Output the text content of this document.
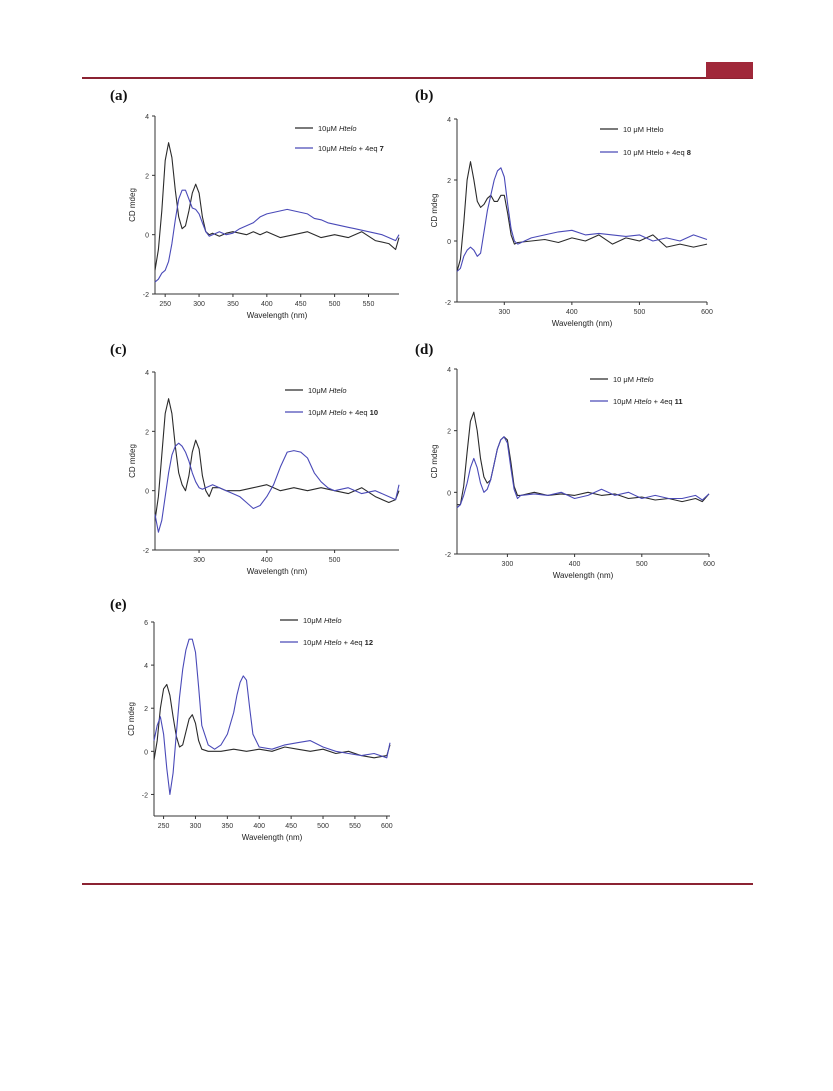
(a)
-2
0
2
4
250	300	350	400	450	500	550
Wavelength (nm)
CD mdeg
10μM Htelo
10μM Htelo + 4eq 7
(b)
-2
0
2
4
300	400	500	600
Wavelength (nm)
CD mdeg
10 μM Htelo
10 μM Htelo + 4eq 8
(c)
-2
0
2
4
300	400	500
Wavelength (nm)
CD mdeg
10μM Htelo
10μM Htelo + 4eq 10
(d)
-2
0
2
4
300	400	500	600
Wavelength (nm)
CD mdeg
10 μM Htelo
10μM Htelo + 4eq 11
(e)
-2
0
2
4
6
250	300	350	400	450	500	550	600
Wavelength (nm)
CD mdeg
10μM Htelo
10μM Htelo + 4eq 12
